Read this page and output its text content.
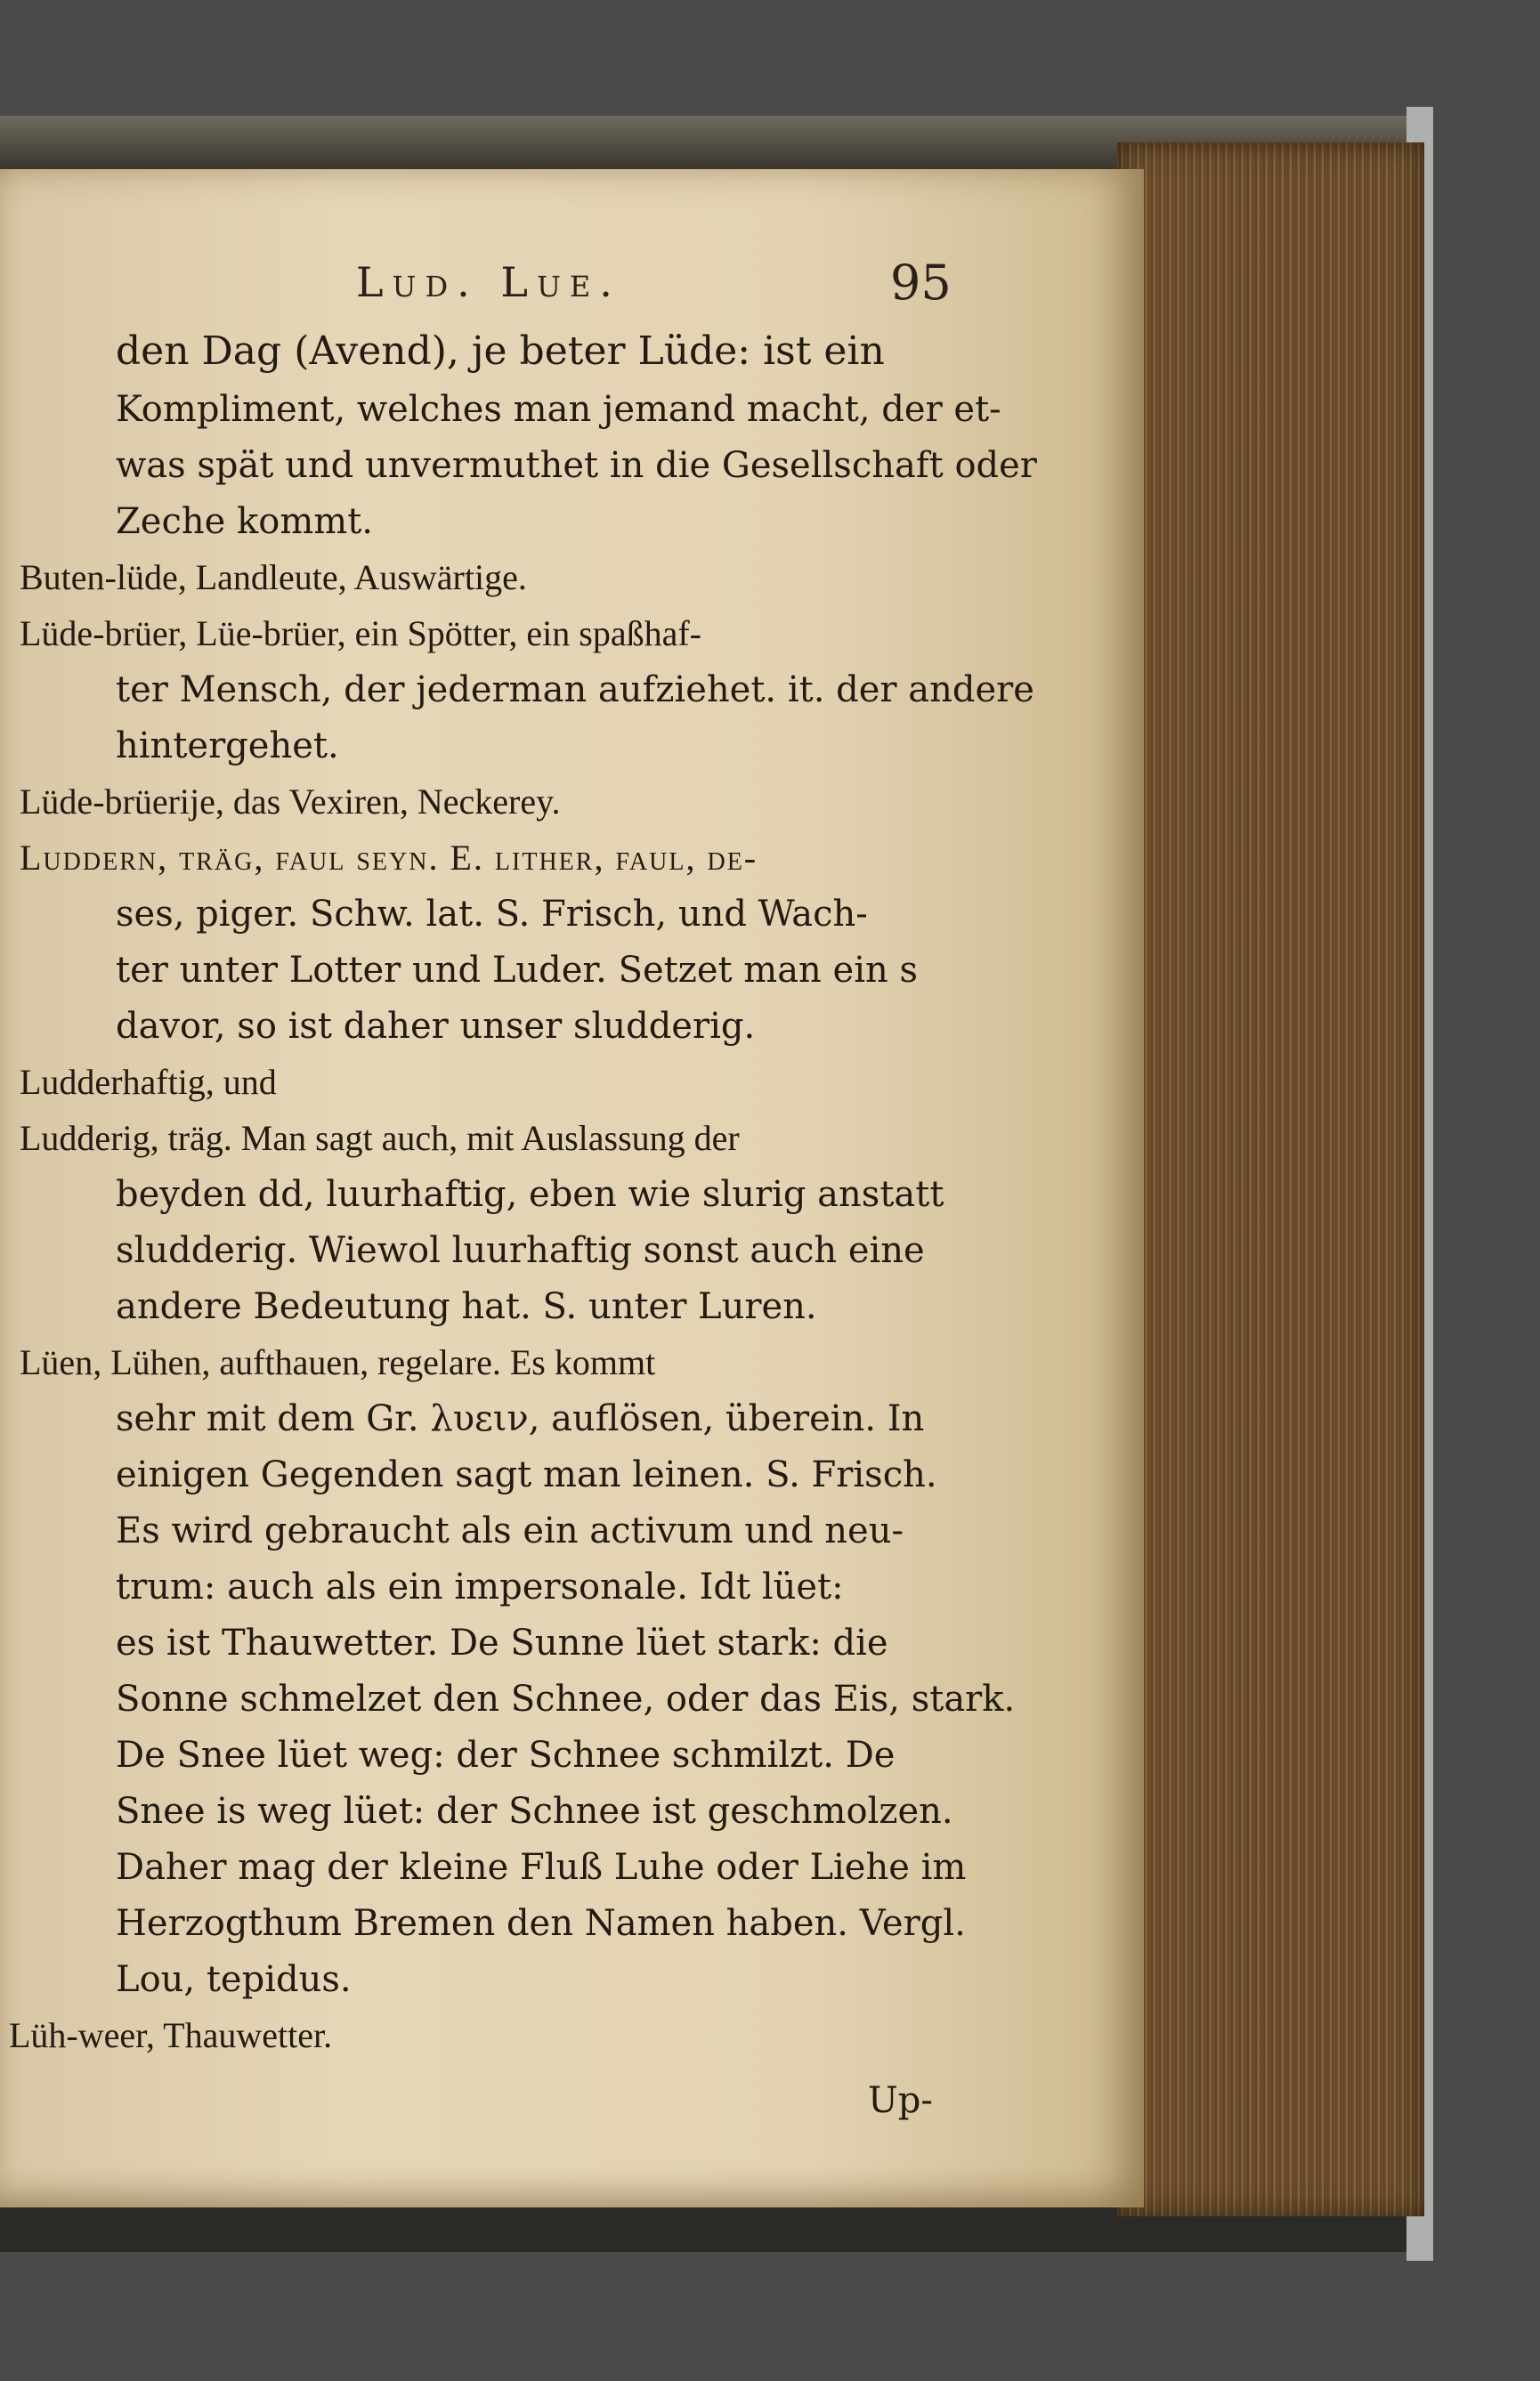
Lud. Lue.	95
den Dag (Avend), je beter Lüde: ist ein
Kompliment, welches man jemand macht, der et-
was spät und unvermuthet in die Gesellschaft oder
Zeche kommt.
Buten-lüde, Landleute, Auswärtige.
Lüde-brüer, Lüe-brüer, ein Spötter, ein spaßhaf-
ter Mensch, der jederman aufziehet. it. der andere
hintergehet.
Lüde-brüerije, das Vexiren, Neckerey.
Luddern, träg, faul seyn. E. lither, faul, de-
ses, piger. Schw. lat. S. Frisch, und Wach-
ter unter Lotter und Luder. Setzet man ein s
davor, so ist daher unser sludderig.
Ludderhaftig, und
Ludderig, träg. Man sagt auch, mit Auslassung der
beyden dd, luurhaftig, eben wie slurig anstatt
sludderig. Wiewol luurhaftig sonst auch eine
andere Bedeutung hat. S. unter Luren.
Lüen, Lühen, aufthauen, regelare. Es kommt
sehr mit dem Gr. λυειν, auflösen, überein. In
einigen Gegenden sagt man leinen. S. Frisch.
Es wird gebraucht als ein activum und neu-
trum: auch als ein impersonale. Idt lüet:
es ist Thauwetter. De Sunne lüet stark: die
Sonne schmelzet den Schnee, oder das Eis, stark.
De Snee lüet weg: der Schnee schmilzt. De
Snee is weg lüet: der Schnee ist geschmolzen.
Daher mag der kleine Fluß Luhe oder Liehe im
Herzogthum Bremen den Namen haben. Vergl.
Lou, tepidus.
Lüh-weer, Thauwetter.
Up-
